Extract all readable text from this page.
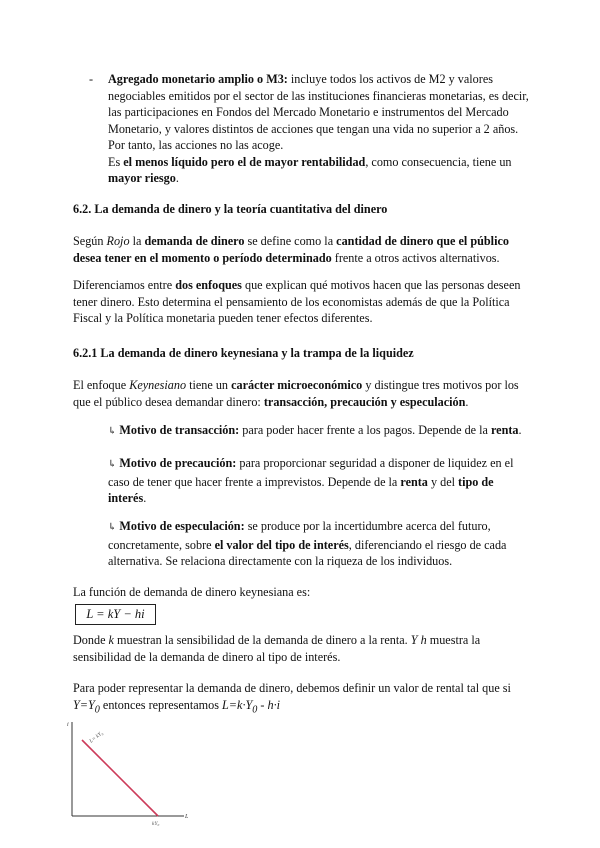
- Agregado monetario amplio o M3: incluye todos los activos de M2 y valores
negociables emitidos por el sector de las instituciones financieras monetarias, es decir,
las participaciones en Fondos del Mercado Monetario e instrumentos del Mercado
Monetario, y valores distintos de acciones que tengan una vida no superior a 2 años.
Por tanto, las acciones no las acoge.
Es el menos líquido pero el de mayor rentabilidad, como consecuencia, tiene un
mayor riesgo.

6.2. La demanda de dinero y la teoría cuantitativa del dinero

Según Rojo la demanda de dinero se define como la cantidad de dinero que el público
desea tener en el momento o período determinado frente a otros activos alternativos.

Diferenciamos entre dos enfoques que explican qué motivos hacen que las personas deseen
tener dinero. Esto determina el pensamiento de los economistas además de que la Política
Fiscal y la Política monetaria pueden tener efectos diferentes.

6.2.1 La demanda de dinero keynesiana y la trampa de la liquidez

El enfoque Keynesiano tiene un carácter microeconómico y distingue tres motivos por los
que el público desea demandar dinero: transacción, precaución y especulación.

↳ Motivo de transacción: para poder hacer frente a los pagos. Depende de la renta.

↳ Motivo de precaución: para proporcionar seguridad a disponer de liquidez en el
caso de tener que hacer frente a imprevistos. Depende de la renta y del tipo de
interés.

↳ Motivo de especulación: se produce por la incertidumbre acerca del futuro,
concretamente, sobre el valor del tipo de interés, diferenciando el riesgo de cada
alternativa. Se relaciona directamente con la riqueza de los individuos.

La función de demanda de dinero keynesiana es:

L = kY − hi

Donde k muestran la sensibilidad de la demanda de dinero a la renta. Y h muestra la
sensibilidad de la demanda de dinero al tipo de interés.

Para poder representar la demanda de dinero, debemos definir un valor de rental tal que si
$Y=Y_0$ entonces representamos $L=k\cdot Y_0 - h\cdot i$

i
L
L= kY₀
kY₀
